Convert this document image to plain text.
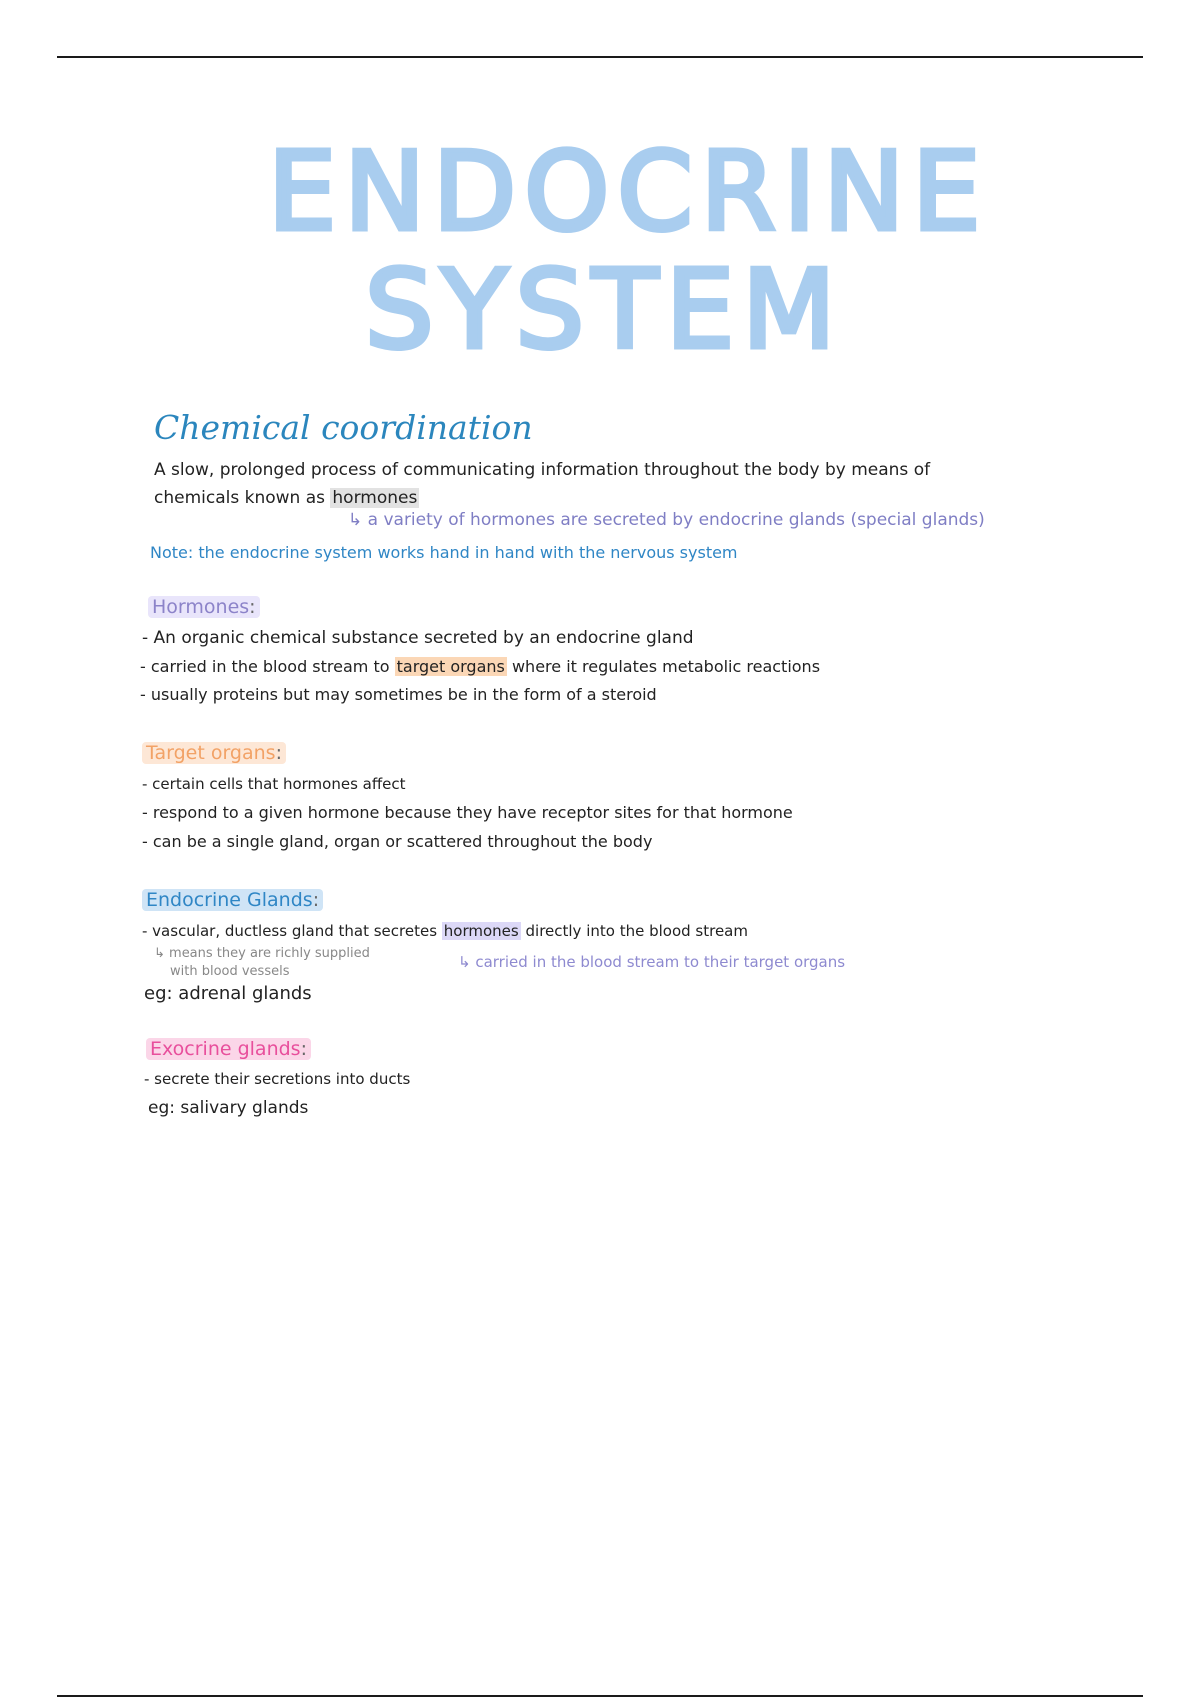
ENDOCRINE
SYSTEM
Chemical coordination
A slow, prolonged process of communicating information throughout the body by means of
chemicals known as hormones
↳ a variety of hormones are secreted by endocrine glands (special glands)
Note: the endocrine system works hand in hand with the nervous system
Hormones:
- An organic chemical substance secreted by an endocrine gland
- carried in the blood stream to target organs where it regulates metabolic reactions
- usually proteins but may sometimes be in the form of a steroid
Target organs:
- certain cells that hormones affect
- respond to a given hormone because they have receptor sites for that hormone
- can be a single gland, organ or scattered throughout the body
Endocrine Glands:
- vascular, ductless gland that secretes hormones directly into the blood stream
↳ means they are richly supplied
with blood vessels
↳ carried in the blood stream to their target organs
eg: adrenal glands
Exocrine glands:
- secrete their secretions into ducts
eg: salivary glands
